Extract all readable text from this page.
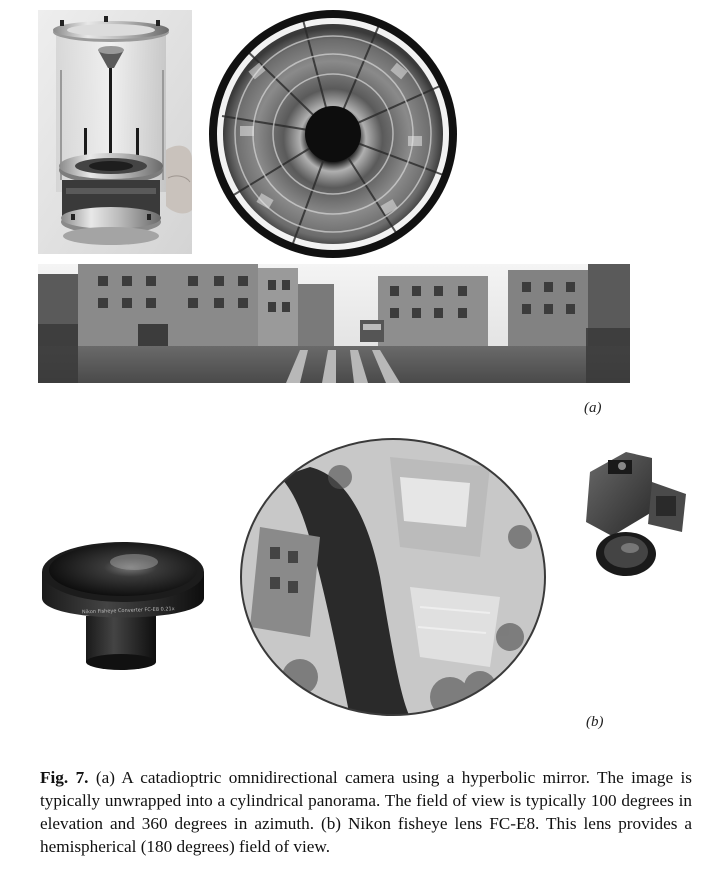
(a)
Nikon Fisheye Converter FC-E8 0.21x
(b)
Fig. 7. (a) A catadioptric omnidirectional camera using a hyperbolic mirror. The image is typically unwrapped into a cylindrical panorama. The field of view is typically 100 degrees in elevation and 360 degrees in azimuth. (b) Nikon fisheye lens FC-E8. This lens provides a hemispherical (180 degrees) field of view.
